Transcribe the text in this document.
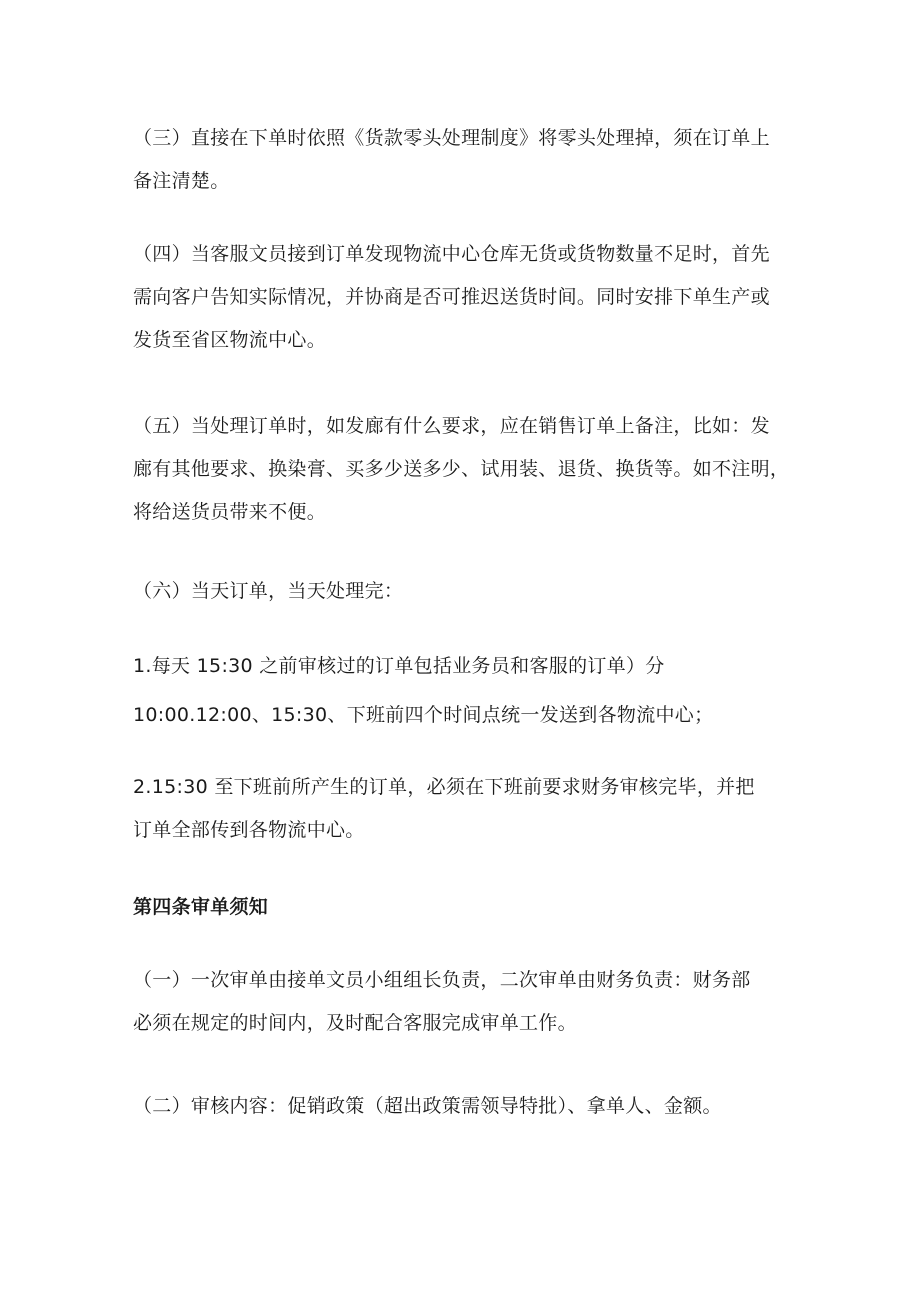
（三）直接在下单时依照《货款零头处理制度》将零头处理掉，须在订单上
备注清楚。

（四）当客服文员接到订单发现物流中心仓库无货或货物数量不足时，首先
需向客户告知实际情况，并协商是否可推迟送货时间。同时安排下单生产或
发货至省区物流中心。

（五）当处理订单时，如发廊有什么要求，应在销售订单上备注，比如：发
廊有其他要求、换染膏、买多少送多少、试用装、退货、换货等。如不注明，
将给送货员带来不便。

（六）当天订单，当天处理完：

1.每天 15:30 之前审核过的订单包括业务员和客服的订单）分
10:00.12:00、15:30、下班前四个时间点统一发送到各物流中心；

2.15:30 至下班前所产生的订单，必须在下班前要求财务审核完毕，并把
订单全部传到各物流中心。

第四条审单须知

（一）一次审单由接单文员小组组长负责，二次审单由财务负责：财务部
必须在规定的时间内，及时配合客服完成审单工作。

（二）审核内容：促销政策（超出政策需领导特批）、拿单人、金额。
